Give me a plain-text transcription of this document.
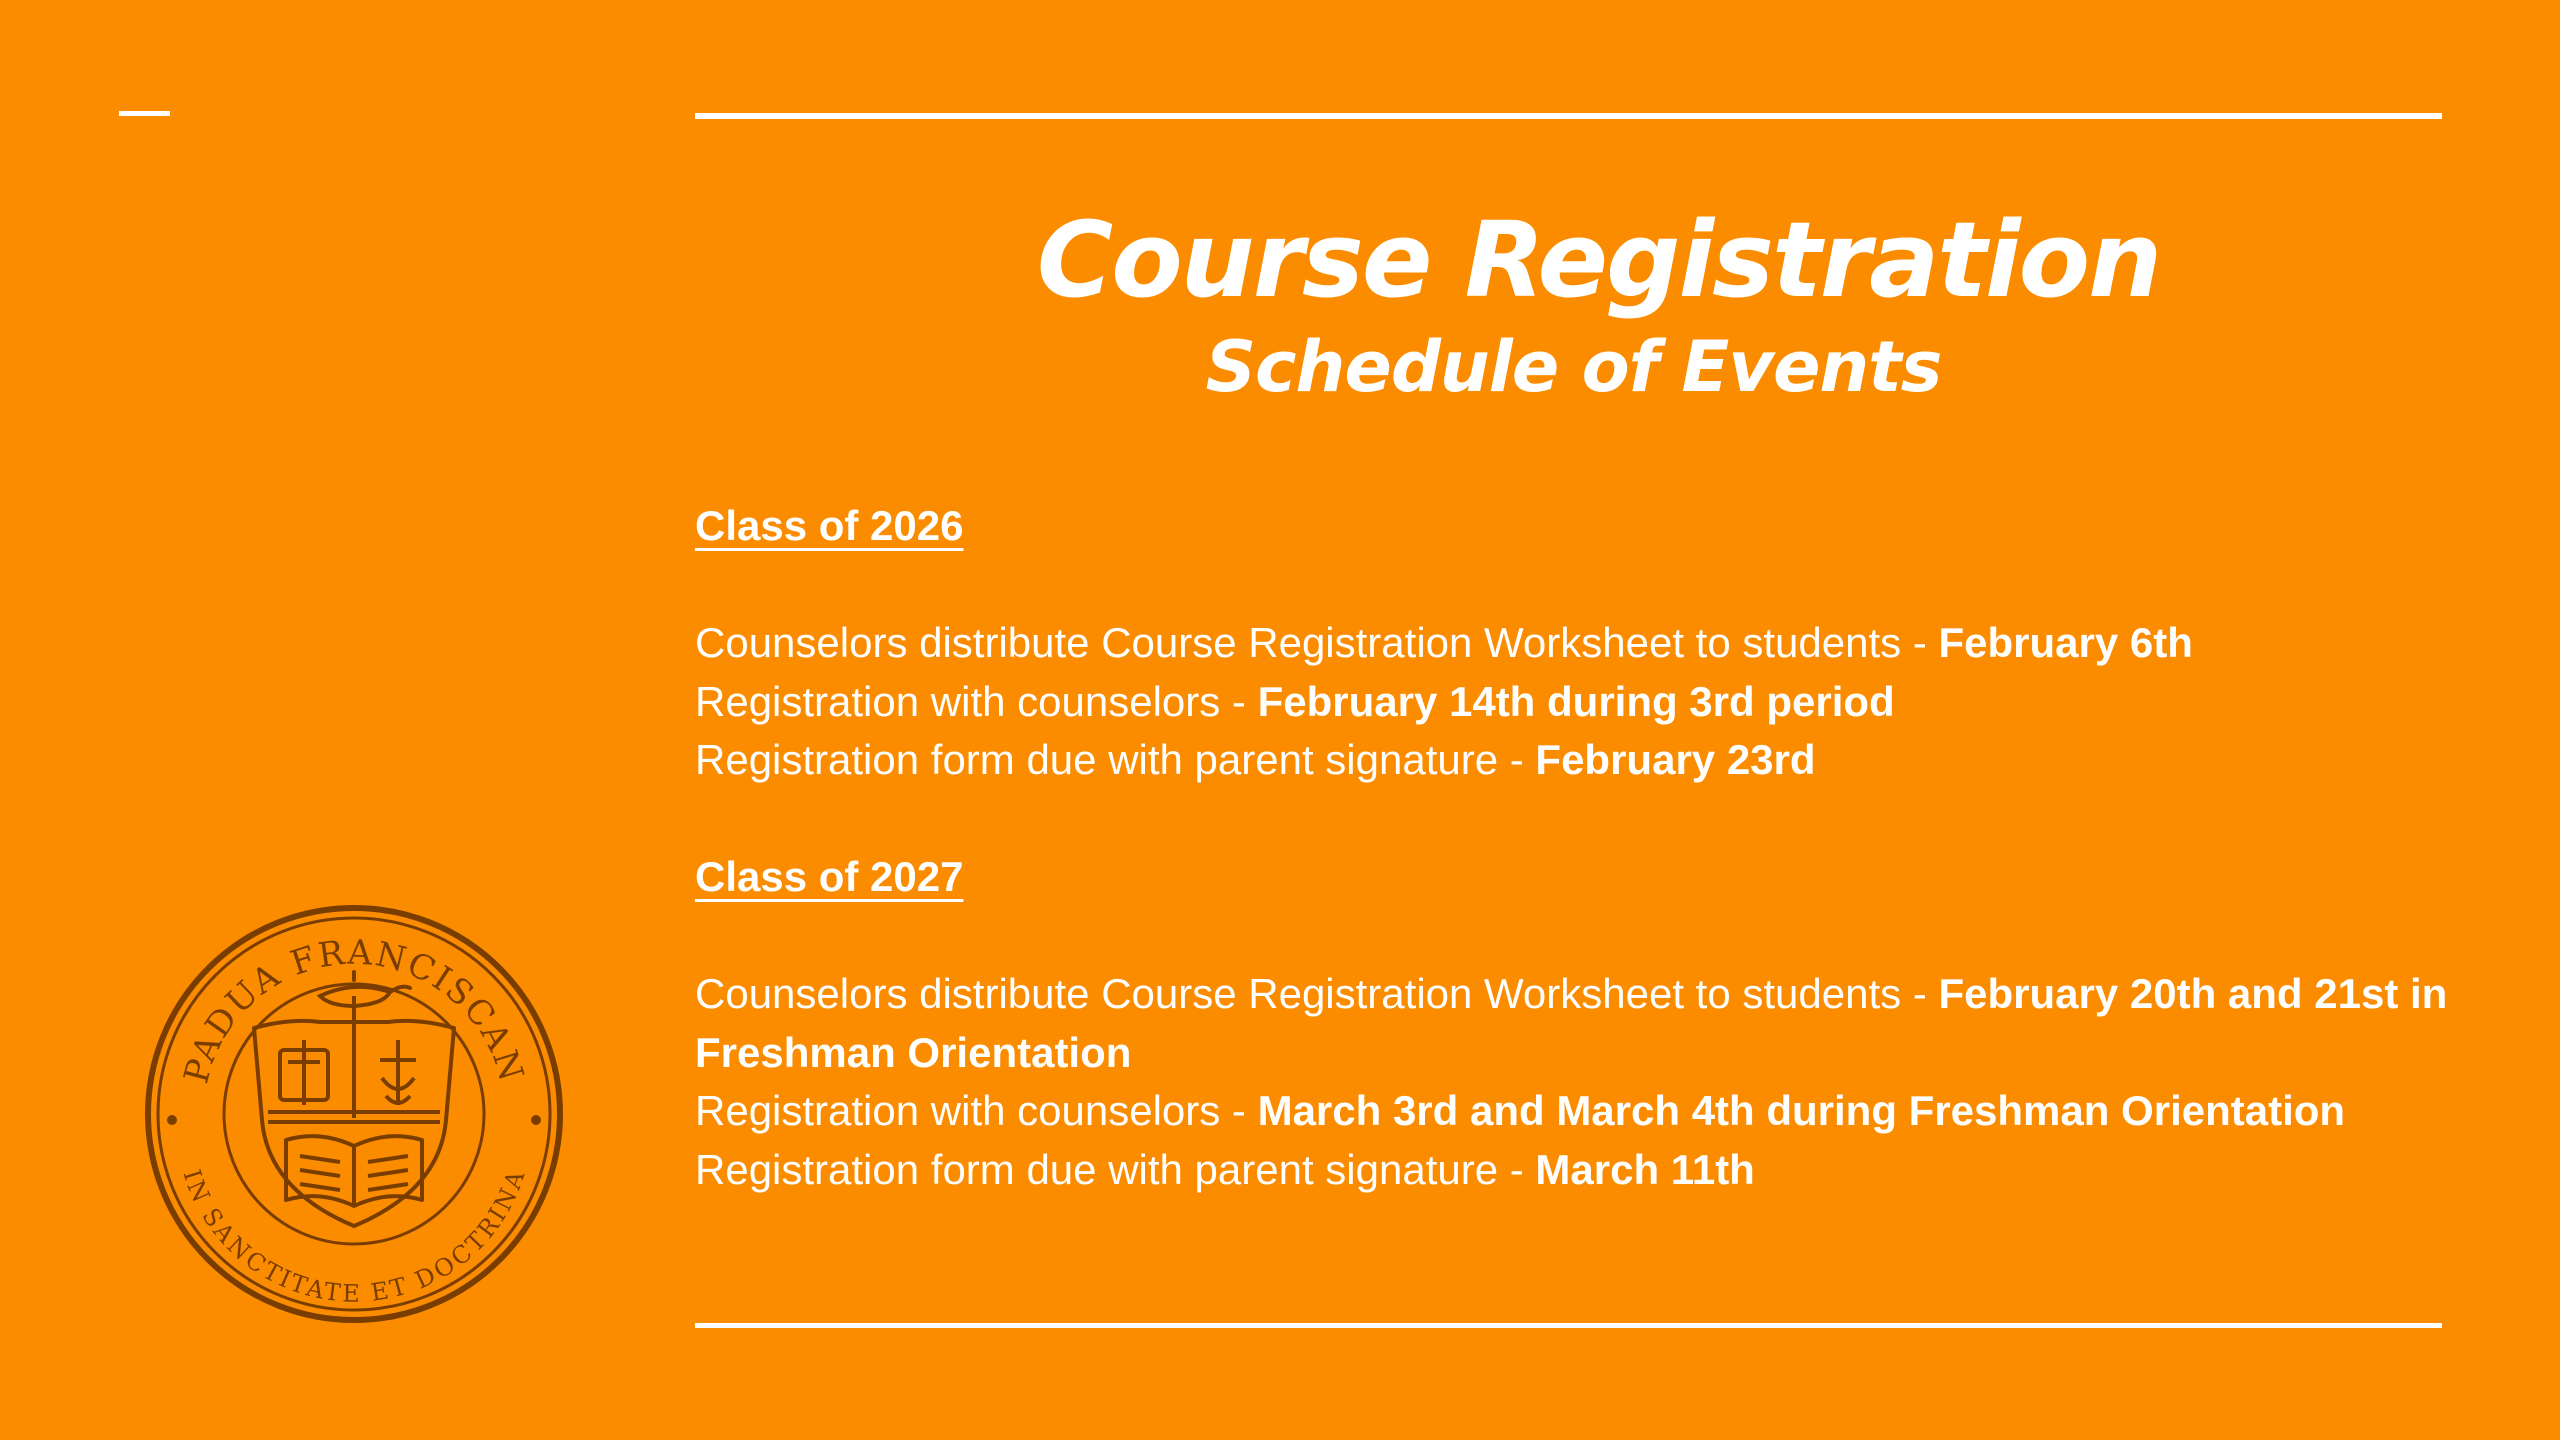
Course Registration
Schedule of Events
Class of 2026
Counselors distribute Course Registration Worksheet to students - February 6th
Registration with counselors - February 14th during 3rd period
Registration form due with parent signature - February 23rd
Class of 2027
Counselors distribute Course Registration Worksheet to students - February 20th and 21st in Freshman Orientation
Registration with counselors - March 3rd and March 4th during Freshman Orientation
Registration form due with parent signature - March 11th
PADUA FRANCISCAN
IN SANCTITATE ET DOCTRINA
